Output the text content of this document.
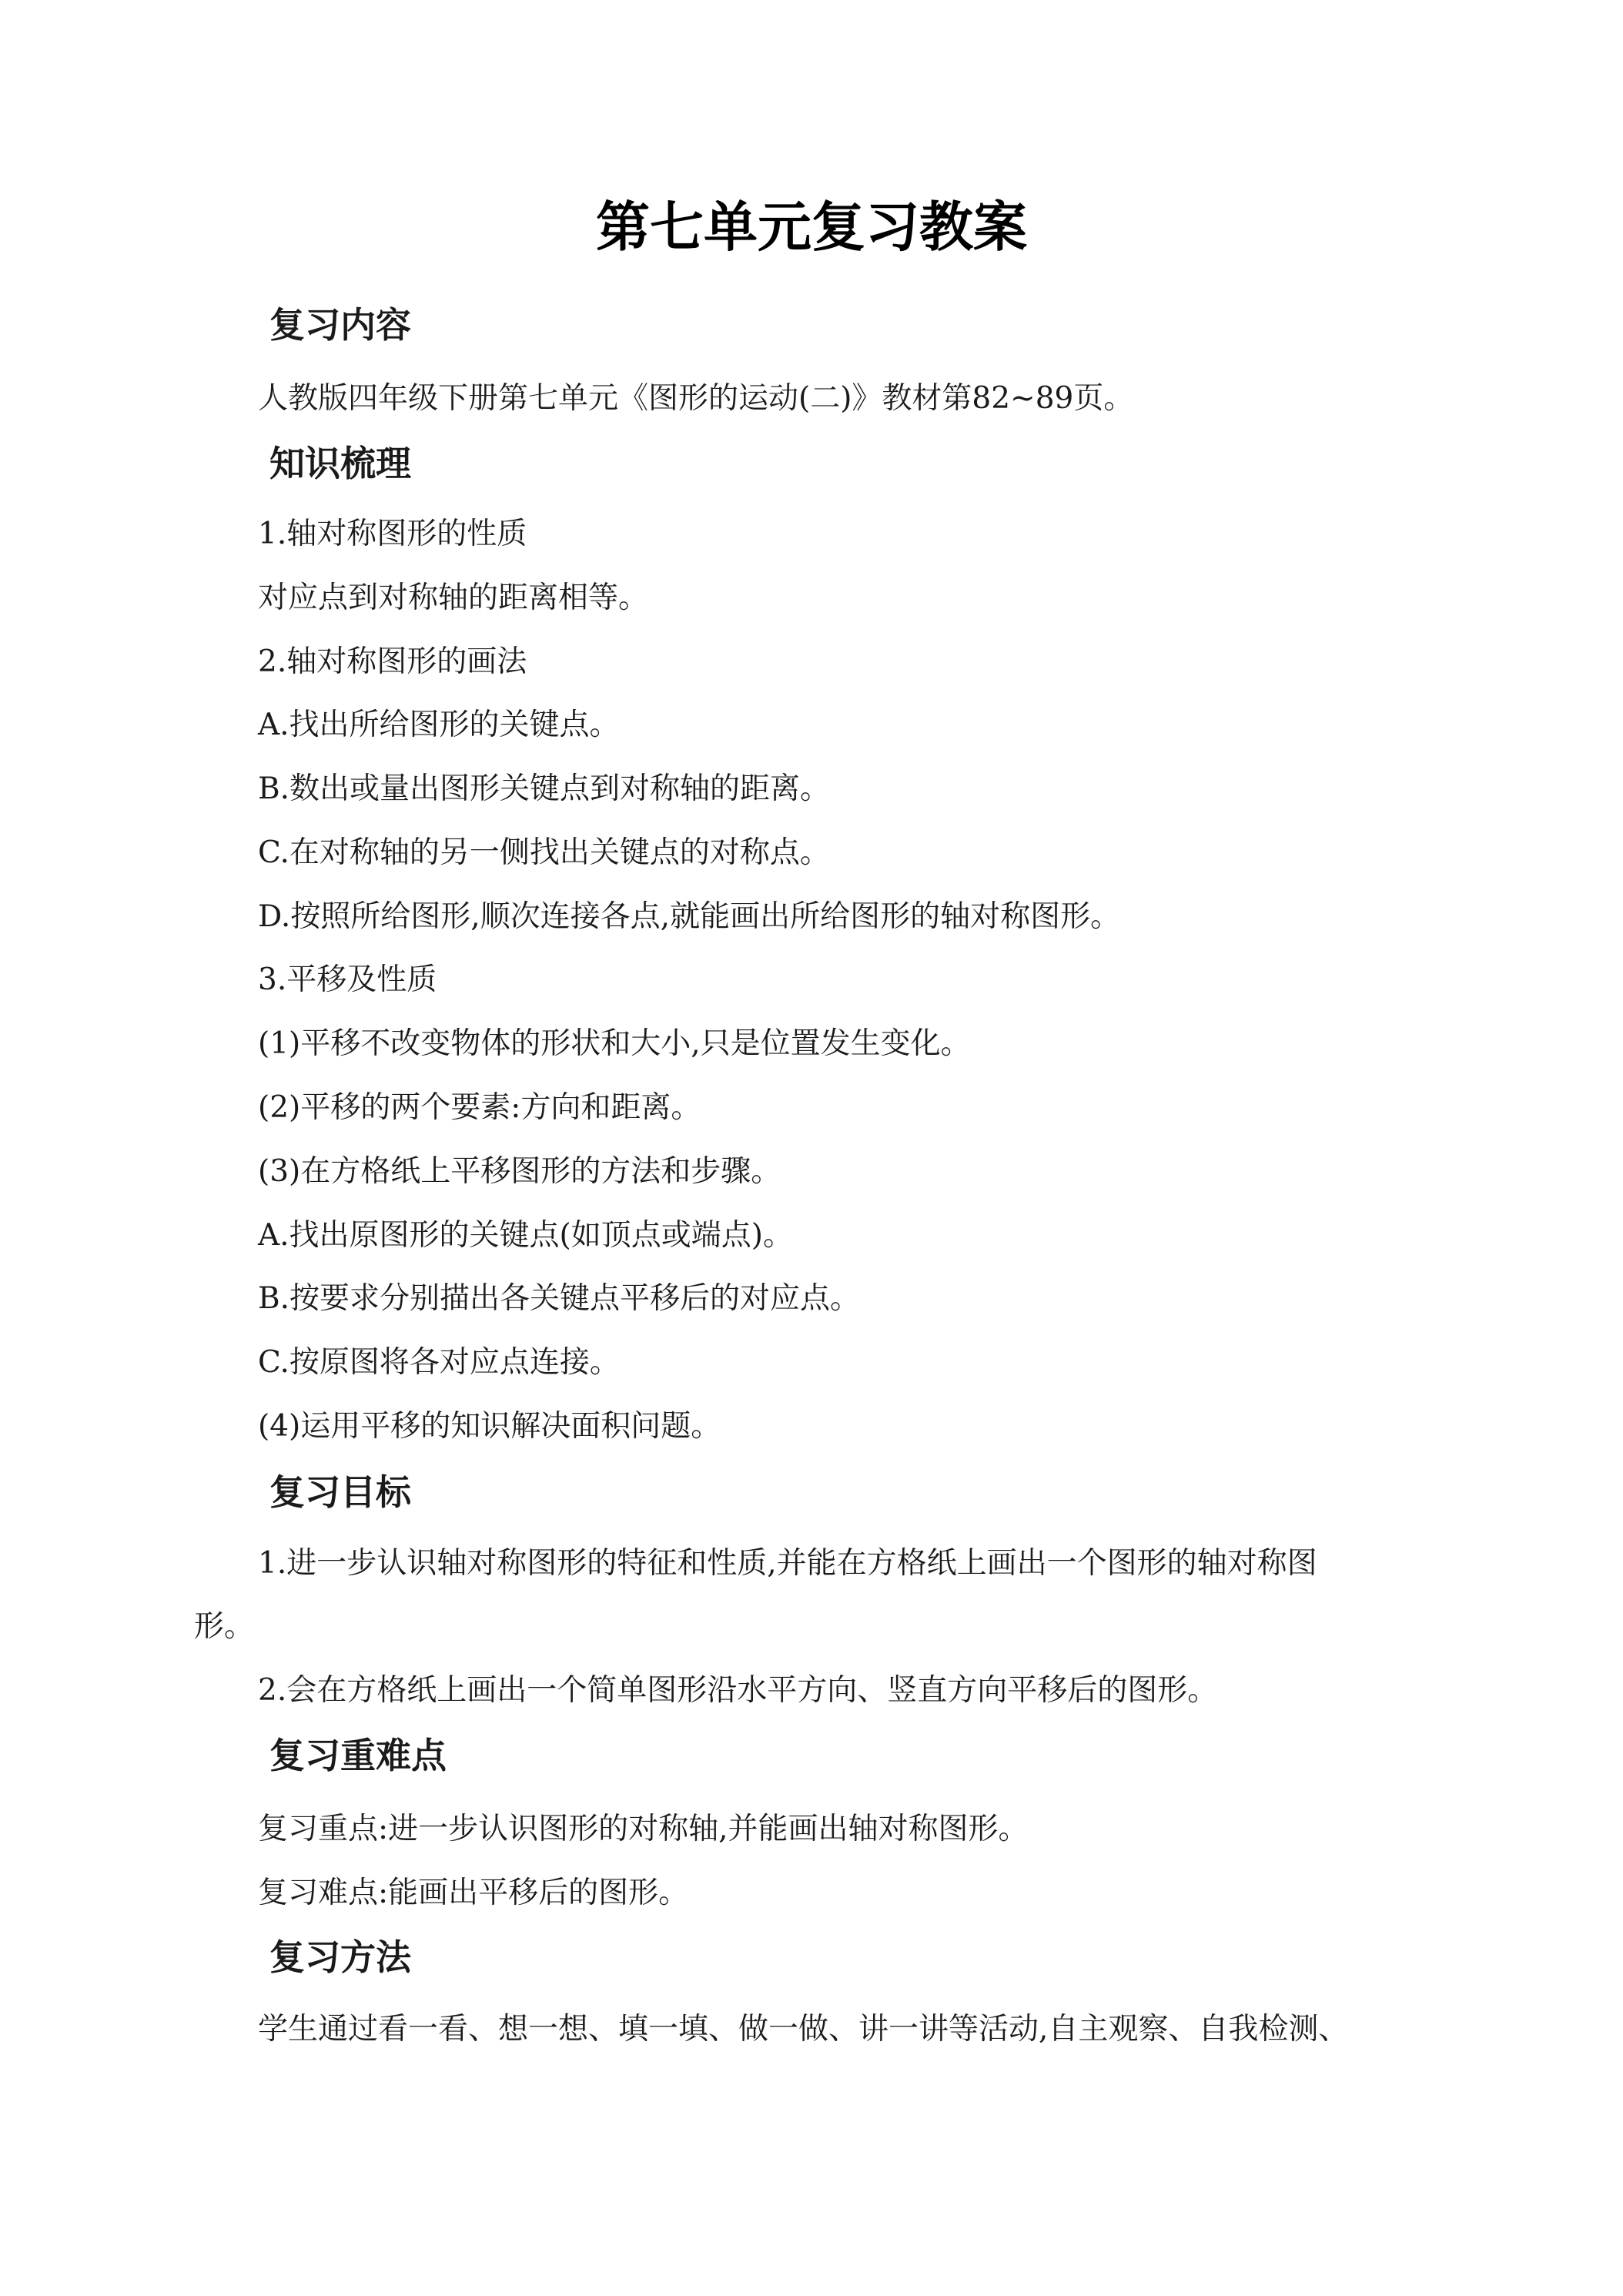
第七单元复习教案
复习内容

人教版四年级下册第七单元《图形的运动(二)》教材第82~89页。

知识梳理

1.轴对称图形的性质

对应点到对称轴的距离相等。

2.轴对称图形的画法

A.找出所给图形的关键点。

B.数出或量出图形关键点到对称轴的距离。

C.在对称轴的另一侧找出关键点的对称点。

D.按照所给图形,顺次连接各点,就能画出所给图形的轴对称图形。

3.平移及性质

(1)平移不改变物体的形状和大小,只是位置发生变化。

(2)平移的两个要素:方向和距离。

(3)在方格纸上平移图形的方法和步骤。

A.找出原图形的关键点(如顶点或端点)。

B.按要求分别描出各关键点平移后的对应点。

C.按原图将各对应点连接。

(4)运用平移的知识解决面积问题。

复习目标

1.进一步认识轴对称图形的特征和性质,并能在方格纸上画出一个图形的轴对称图

形。

2.会在方格纸上画出一个简单图形沿水平方向、竖直方向平移后的图形。

复习重难点

复习重点:进一步认识图形的对称轴,并能画出轴对称图形。

复习难点:能画出平移后的图形。

复习方法

学生通过看一看、想一想、填一填、做一做、讲一讲等活动,自主观察、自我检测、
